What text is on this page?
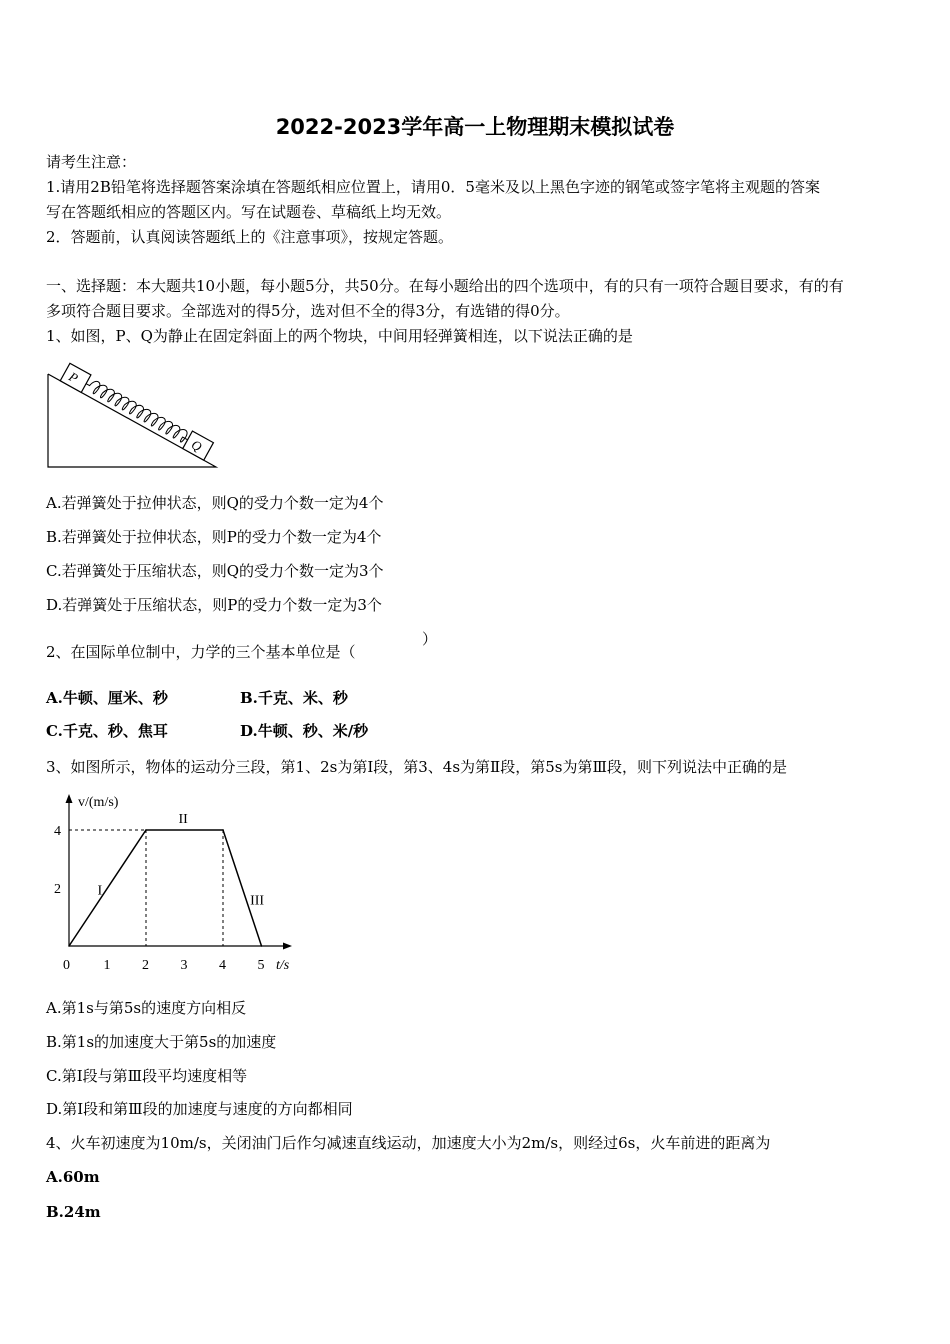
2022-2023学年高一上物理期末模拟试卷
请考生注意：
1.请用2B铅笔将选择题答案涂填在答题纸相应位置上，请用0．5毫米及以上黑色字迹的钢笔或签字笔将主观题的答案
写在答题纸相应的答题区内。写在试题卷、草稿纸上均无效。
2．答题前，认真阅读答题纸上的《注意事项》，按规定答题。
一、选择题：本大题共10小题，每小题5分，共50分。在每小题给出的四个选项中，有的只有一项符合题目要求，有的有
多项符合题目要求。全部选对的得5分，选对但不全的得3分，有选错的得0分。
1、如图，P、Q为静止在固定斜面上的两个物块，中间用轻弹簧相连，以下说法正确的是
P
Q
A.若弹簧处于拉伸状态，则Q的受力个数一定为4个
B.若弹簧处于拉伸状态，则P的受力个数一定为4个
C.若弹簧处于压缩状态，则Q的受力个数一定为3个
D.若弹簧处于压缩状态，则P的受力个数一定为3个
2、在国际单位制中，力学的三个基本单位是（
）
A.牛顿、厘米、秒	B.千克、米、秒
C.千克、秒、焦耳	D.牛顿、秒、米/秒
3、如图所示，物体的运动分三段，第1、2s为第Ⅰ段，第3、4s为第Ⅱ段，第5s为第Ⅲ段，则下列说法中正确的是
v/(m/s)
t/s
0 1 2 3 4 5
2
4
I
II
III
A.第1s与第5s的速度方向相反
B.第1s的加速度大于第5s的加速度
C.第Ⅰ段与第Ⅲ段平均速度相等
D.第Ⅰ段和第Ⅲ段的加速度与速度的方向都相同
4、火车初速度为10m/s，关闭油门后作匀减速直线运动，加速度大小为2m/s，则经过6s，火车前进的距离为
A.60m
B.24m
